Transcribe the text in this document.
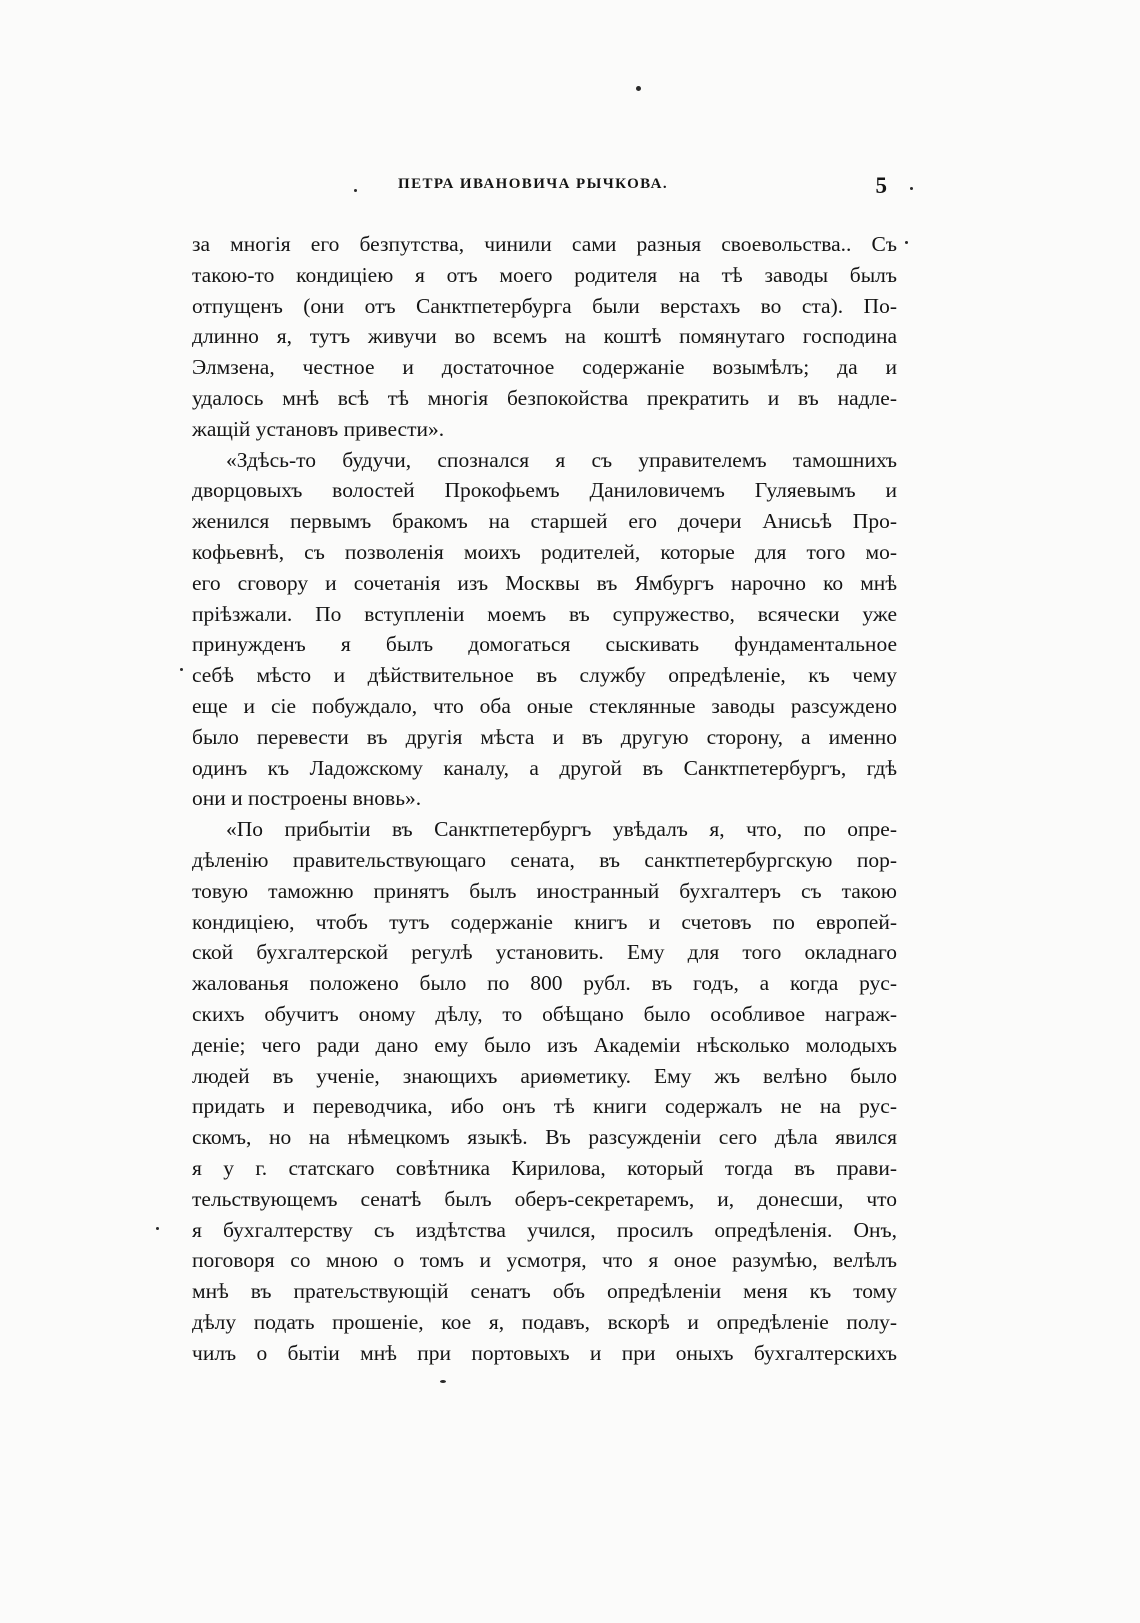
ПЕТРА ИВАНОВИЧА РЫЧКОВА.	5
за многія его безпутства, чинили сами разныя своевольства.. Съ
такою-то кондиціею я отъ моего родителя на тѣ заводы былъ
отпущенъ (они отъ Санктпетербурга были верстахъ во ста). По-
длинно я, тутъ живучи во всемъ на коштѣ помянутаго господина
Элмзена, честное и достаточное содержаніе возымѣлъ; да и
удалось мнѣ всѣ тѣ многія безпокойства прекратить и въ надле-
жащій установъ привести».
«Здѣсь-то будучи, спознался я съ управителемъ тамошнихъ
дворцовыхъ волостей Прокофьемъ Даниловичемъ Гуляевымъ и
женился первымъ бракомъ на старшей его дочери Анисьѣ Про-
кофьевнѣ, съ позволенія моихъ родителей, которые для того мо-
его сговору и сочетанія изъ Москвы въ Ямбургъ нарочно ко мнѣ
пріѣзжали. По вступленіи моемъ въ супружество, всячески уже
принужденъ я былъ домогаться сыскивать фундаментальное
себѣ мѣсто и дѣйствительное въ службу опредѣленіе, къ чему
еще и сіе побуждало, что оба оные стеклянные заводы разсуждено
было перевести въ другія мѣста и въ другую сторону, а именно
одинъ къ Ладожскому каналу, а другой въ Санктпетербургъ, гдѣ
они и построены вновь».
«По прибытіи въ Санктпетербургъ увѣдалъ я, что, по опре-
дѣленію правительствующаго сената, въ санктпетербургскую пор-
товую таможню принятъ былъ иностранный бухгалтеръ съ такою
кондиціею, чтобъ тутъ содержаніе книгъ и счетовъ по европей-
ской бухгалтерской регулѣ установить. Ему для того окладнаго
жалованья положено было по 800 рубл. въ годъ, а когда рус-
скихъ обучитъ оному дѣлу, то обѣщано было особливое награж-
деніе; чего ради дано ему было изъ Академіи нѣсколько молодыхъ
людей въ ученіе, знающихъ ариѳметику. Ему жъ велѣно было
придать и переводчика, ибо онъ тѣ книги содержалъ не на рус-
скомъ, но на нѣмецкомъ языкѣ. Въ разсужденіи сего дѣла явился
я у г. статскаго совѣтника Кирилова, который тогда въ прави-
тельствующемъ сенатѣ былъ оберъ-секретаремъ, и, донесши, что
я бухгалтерству съ издѣтства учился, просилъ опредѣленія. Онъ,
поговоря со мною о томъ и усмотря, что я оное разумѣю, велѣлъ
мнѣ въ пратељствующій сенатъ объ опредѣленіи меня къ тому
дѣлу подать прошеніе, кое я, подавъ, вскорѣ и опредѣленіе полу-
чилъ о бытіи мнѣ при портовыхъ и при оныхъ бухгалтерскихъ
